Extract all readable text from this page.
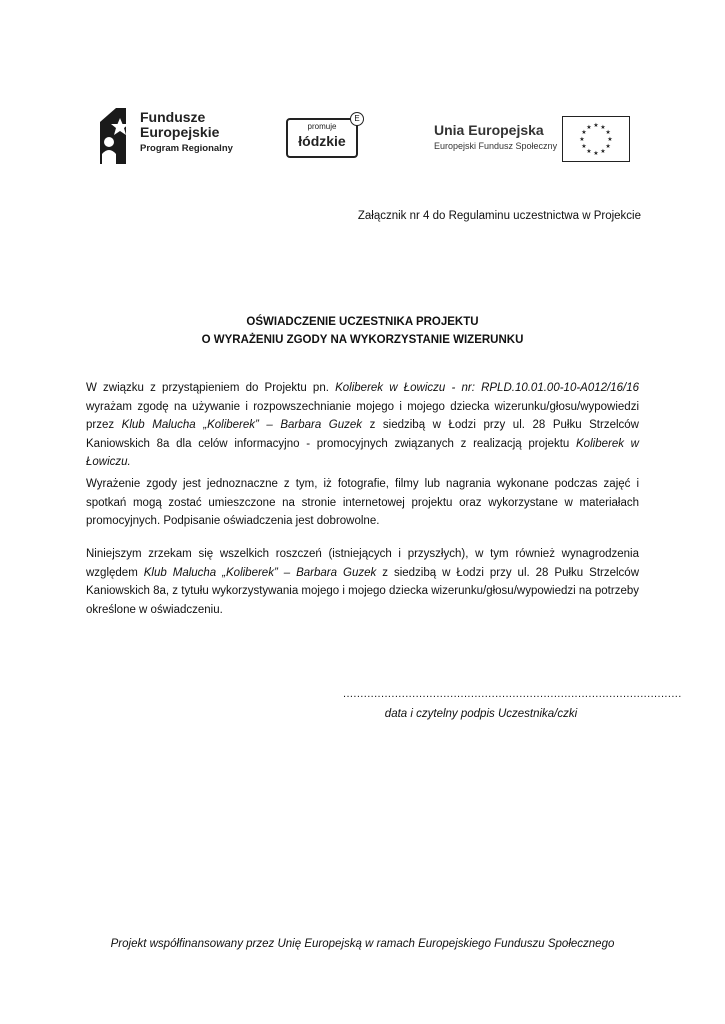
Fundusze
Europejskie
Program Regionalny
promuje
łódzkie
E
Unia Europejska
Europejski Fundusz Społeczny
★ ★
★
★
★
★
★
★
★
★
★
★
Załącznik nr 4 do Regulaminu uczestnictwa w Projekcie
OŚWIADCZENIE UCZESTNIKA PROJEKTU
O WYRAŻENIU ZGODY NA WYKORZYSTANIE WIZERUNKU
W związku z przystąpieniem do Projektu pn. Koliberek w Łowiczu - nr: RPLD.10.01.00-10-A012/16/16 wyrażam zgodę na używanie i rozpowszechnianie mojego i mojego dziecka wizerunku/głosu/wypowiedzi przez Klub Malucha „Koliberek” – Barbara Guzek z siedzibą w Łodzi przy ul. 28 Pułku Strzelców Kaniowskich 8a dla celów informacyjno - promocyjnych związanych z realizacją projektu Koliberek w Łowiczu.
Wyrażenie zgody jest jednoznaczne z tym, iż fotografie, filmy lub nagrania wykonane podczas zajęć i spotkań mogą zostać umieszczone na stronie internetowej projektu oraz wykorzystane w materiałach promocyjnych. Podpisanie oświadczenia jest dobrowolne.
Niniejszym zrzekam się wszelkich roszczeń (istniejących i przyszłych), w tym również wynagrodzenia względem Klub Malucha „Koliberek” – Barbara Guzek z siedzibą w Łodzi przy ul. 28 Pułku Strzelców Kaniowskich 8a, z tytułu wykorzystywania mojego i mojego dziecka wizerunku/głosu/wypowiedzi na potrzeby określone w oświadczeniu.
..................................................................................................
data i czytelny podpis Uczestnika/czki
Projekt współfinansowany przez Unię Europejską w ramach Europejskiego Funduszu Społecznego
